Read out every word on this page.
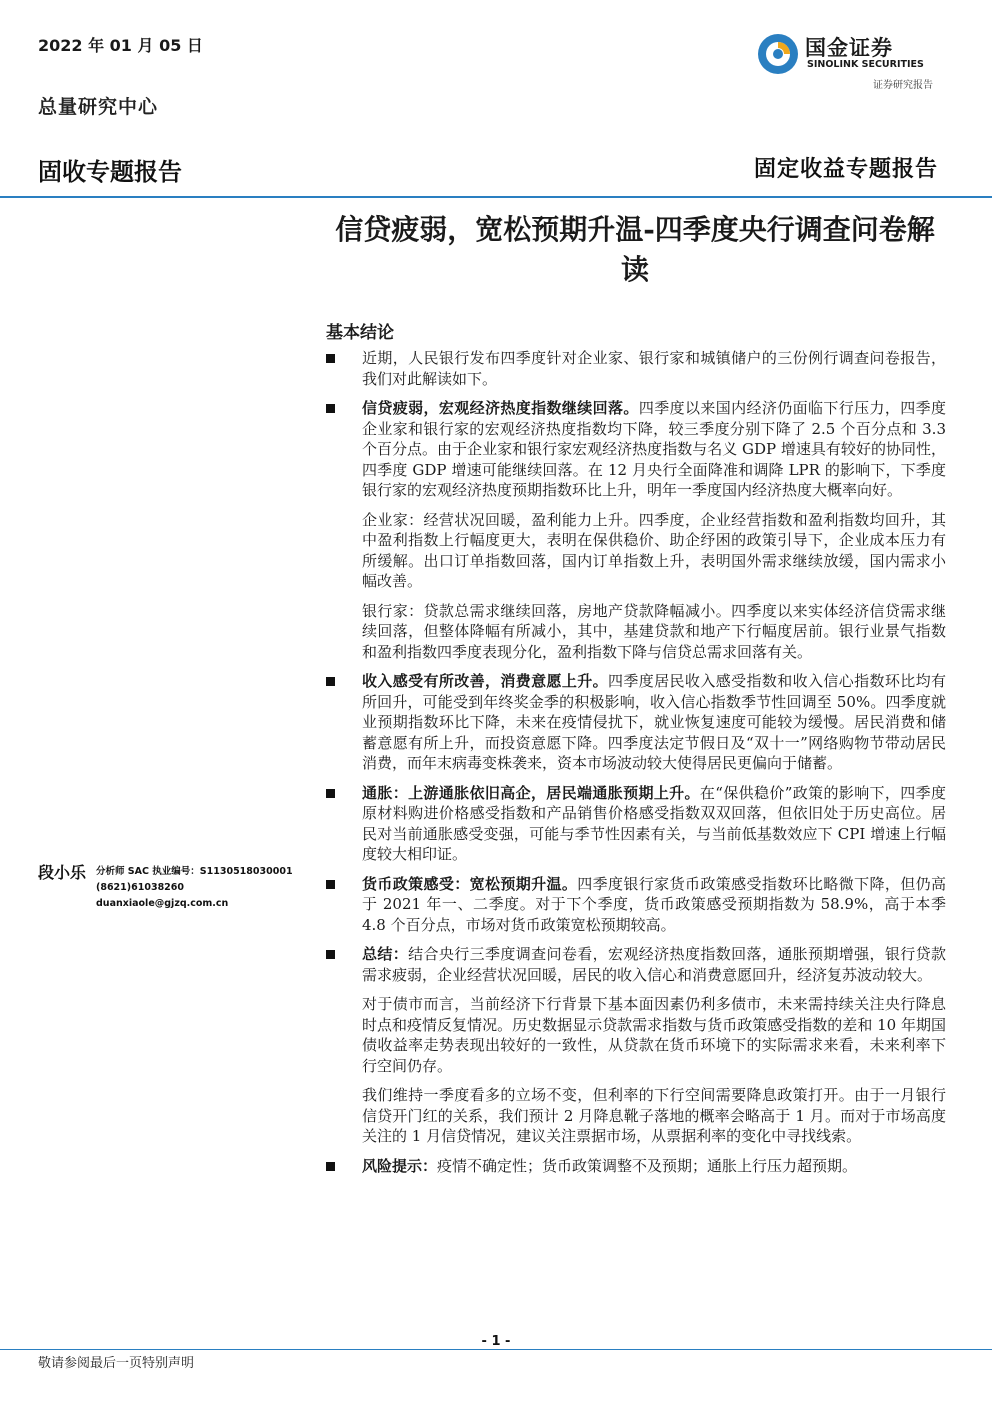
2022 年 01 月 05 日
总量研究中心
国金证券
SINOLINK SECURITIES
证券研究报告
固收专题报告	固定收益专题报告
信贷疲弱，宽松预期升温-四季度央行调查问卷解读
基本结论
近期，人民银行发布四季度针对企业家、银行家和城镇储户的三份例行调查问卷报告，我们对此解读如下。
信贷疲弱，宏观经济热度指数继续回落。四季度以来国内经济仍面临下行压力，四季度企业家和银行家的宏观经济热度指数均下降，较三季度分别下降了 2.5 个百分点和 3.3 个百分点。由于企业家和银行家宏观经济热度指数与名义 GDP 增速具有较好的协同性，四季度 GDP 增速可能继续回落。在 12 月央行全面降准和调降 LPR 的影响下，下季度银行家的宏观经济热度预期指数环比上升，明年一季度国内经济热度大概率向好。
企业家：经营状况回暖，盈利能力上升。四季度，企业经营指数和盈利指数均回升，其中盈利指数上行幅度更大，表明在保供稳价、助企纾困的政策引导下，企业成本压力有所缓解。出口订单指数回落，国内订单指数上升，表明国外需求继续放缓，国内需求小幅改善。
银行家：贷款总需求继续回落，房地产贷款降幅减小。四季度以来实体经济信贷需求继续回落，但整体降幅有所减小，其中，基建贷款和地产下行幅度居前。银行业景气指数和盈利指数四季度表现分化，盈利指数下降与信贷总需求回落有关。
收入感受有所改善，消费意愿上升。四季度居民收入感受指数和收入信心指数环比均有所回升，可能受到年终奖金季的积极影响，收入信心指数季节性回调至 50%。四季度就业预期指数环比下降，未来在疫情侵扰下，就业恢复速度可能较为缓慢。居民消费和储蓄意愿有所上升，而投资意愿下降。四季度法定节假日及“双十一”网络购物节带动居民消费，而年末病毒变株袭来，资本市场波动较大使得居民更偏向于储蓄。
通胀：上游通胀依旧高企，居民端通胀预期上升。在“保供稳价”政策的影响下，四季度原材料购进价格感受指数和产品销售价格感受指数双双回落，但依旧处于历史高位。居民对当前通胀感受变强，可能与季节性因素有关，与当前低基数效应下 CPI 增速上行幅度较大相印证。
货币政策感受：宽松预期升温。四季度银行家货币政策感受指数环比略微下降，但仍高于 2021 年一、二季度。对于下个季度，货币政策感受预期指数为 58.9%，高于本季 4.8 个百分点，市场对货币政策宽松预期较高。
总结：结合央行三季度调查问卷看，宏观经济热度指数回落，通胀预期增强，银行贷款需求疲弱，企业经营状况回暖，居民的收入信心和消费意愿回升，经济复苏波动较大。
对于债市而言，当前经济下行背景下基本面因素仍利多债市，未来需持续关注央行降息时点和疫情反复情况。历史数据显示贷款需求指数与货币政策感受指数的差和 10 年期国债收益率走势表现出较好的一致性，从贷款在货币环境下的实际需求来看，未来利率下行空间仍存。
我们维持一季度看多的立场不变，但利率的下行空间需要降息政策打开。由于一月银行信贷开门红的关系，我们预计 2 月降息靴子落地的概率会略高于 1 月。而对于市场高度关注的 1 月信贷情况，建议关注票据市场，从票据利率的变化中寻找线索。
风险提示：疫情不确定性；货币政策调整不及预期；通胀上行压力超预期。
段小乐 分析师 SAC 执业编号：S1130518030001
(8621)61038260
duanxiaole@gjzq.com.cn
- 1 -
敬请参阅最后一页特别声明
